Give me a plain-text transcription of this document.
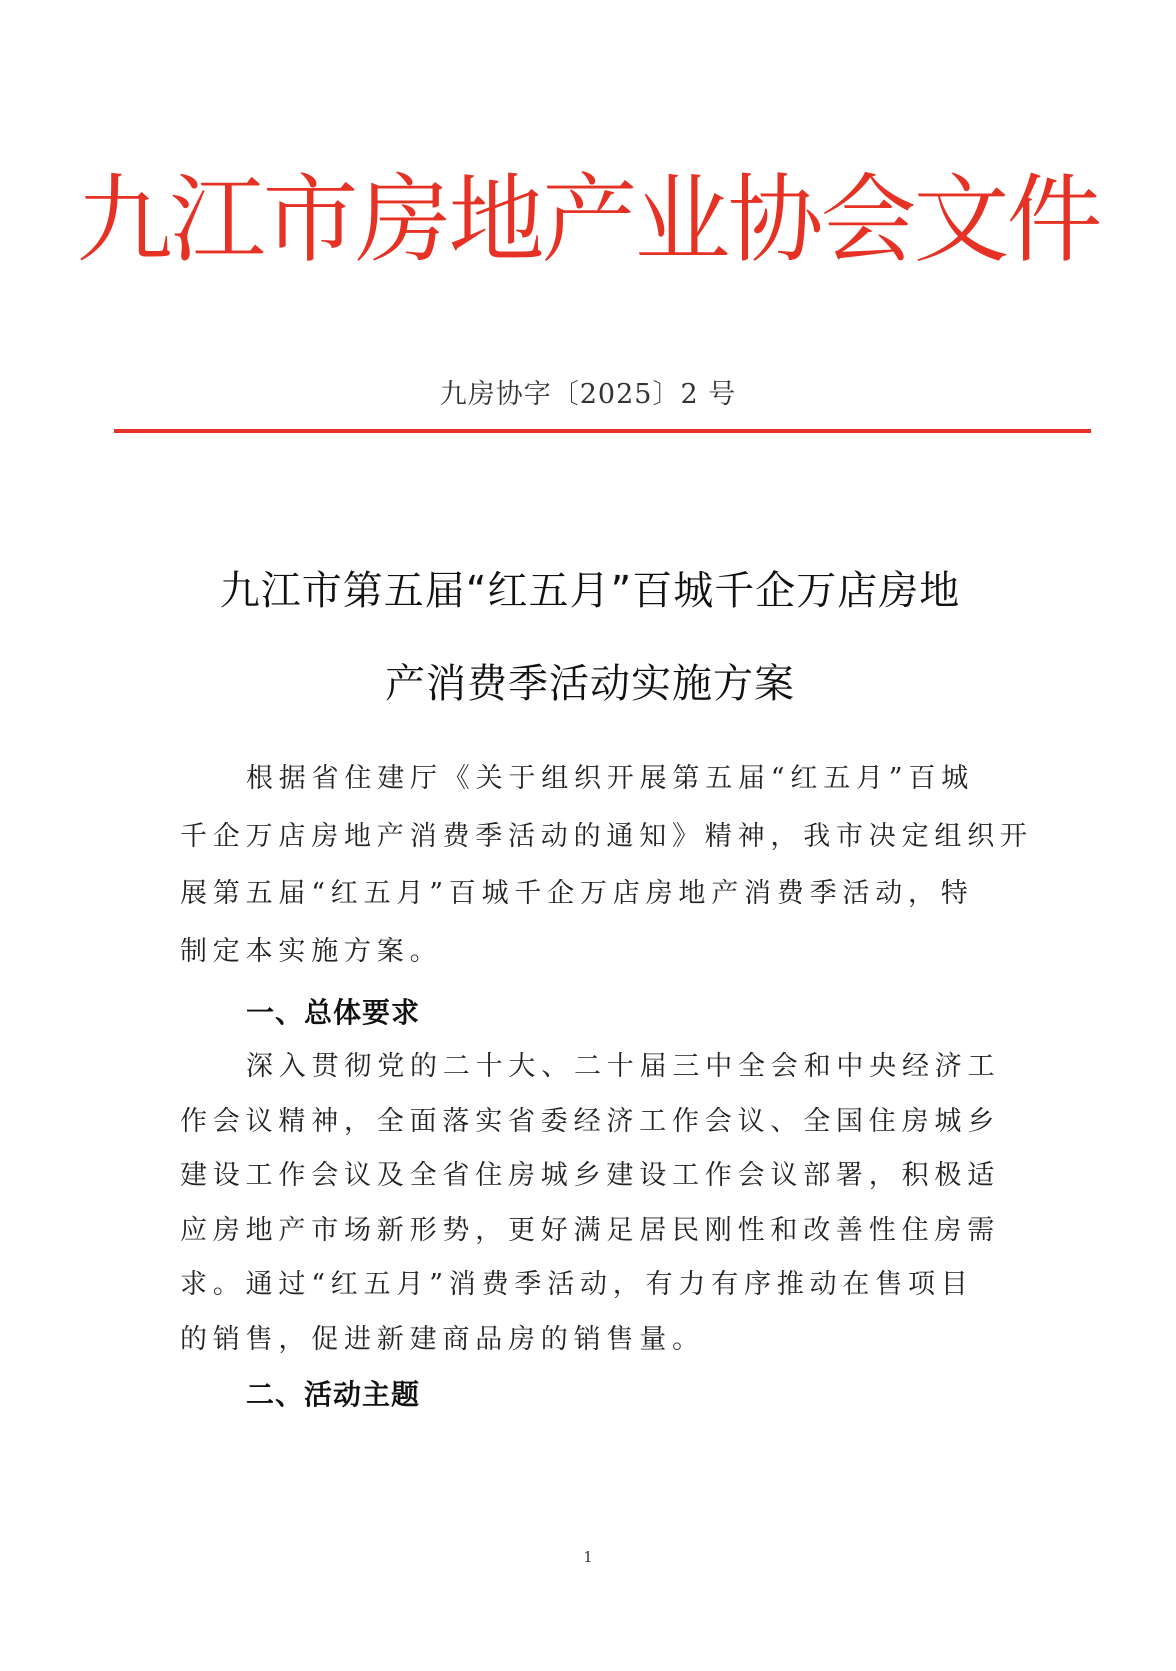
九江市房地产业协会文件
九房协字〔2025〕2 号
九江市第五届“红五月”百城千企万店房地
产消费季活动实施方案
根据省住建厅《关于组织开展第五届“红五月”百城
千企万店房地产消费季活动的通知》精神，我市决定组织开
展第五届“红五月”百城千企万店房地产消费季活动，特
制定本实施方案。
一、总体要求
深入贯彻党的二十大、二十届三中全会和中央经济工
作会议精神，全面落实省委经济工作会议、全国住房城乡
建设工作会议及全省住房城乡建设工作会议部署，积极适
应房地产市场新形势，更好满足居民刚性和改善性住房需
求。通过“红五月”消费季活动，有力有序推动在售项目
的销售，促进新建商品房的销售量。
二、活动主题
1
